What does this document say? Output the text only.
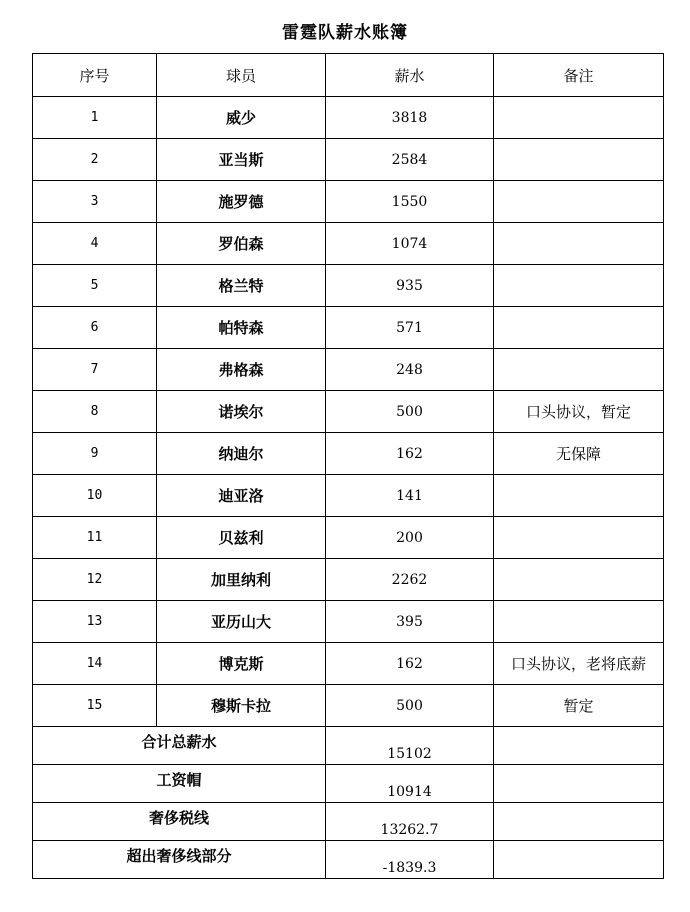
雷霆队薪水账簿
序号	球员	薪水	备注
1	威少	3818	
2	亚当斯	2584	
3	施罗德	1550	
4	罗伯森	1074	
5	格兰特	935	
6	帕特森	571	
7	弗格森	248	
8	诺埃尔	500	口头协议，暂定
9	纳迪尔	162	无保障
10	迪亚洛	141	
11	贝兹利	200	
12	加里纳利	2262	
13	亚历山大	395	
14	博克斯	162	口头协议，老将底薪
15	穆斯卡拉	500	暂定
合计总薪水		15102	
工资帽		10914	
奢侈税线		13262.7	
超出奢侈线部分		-1839.3	
